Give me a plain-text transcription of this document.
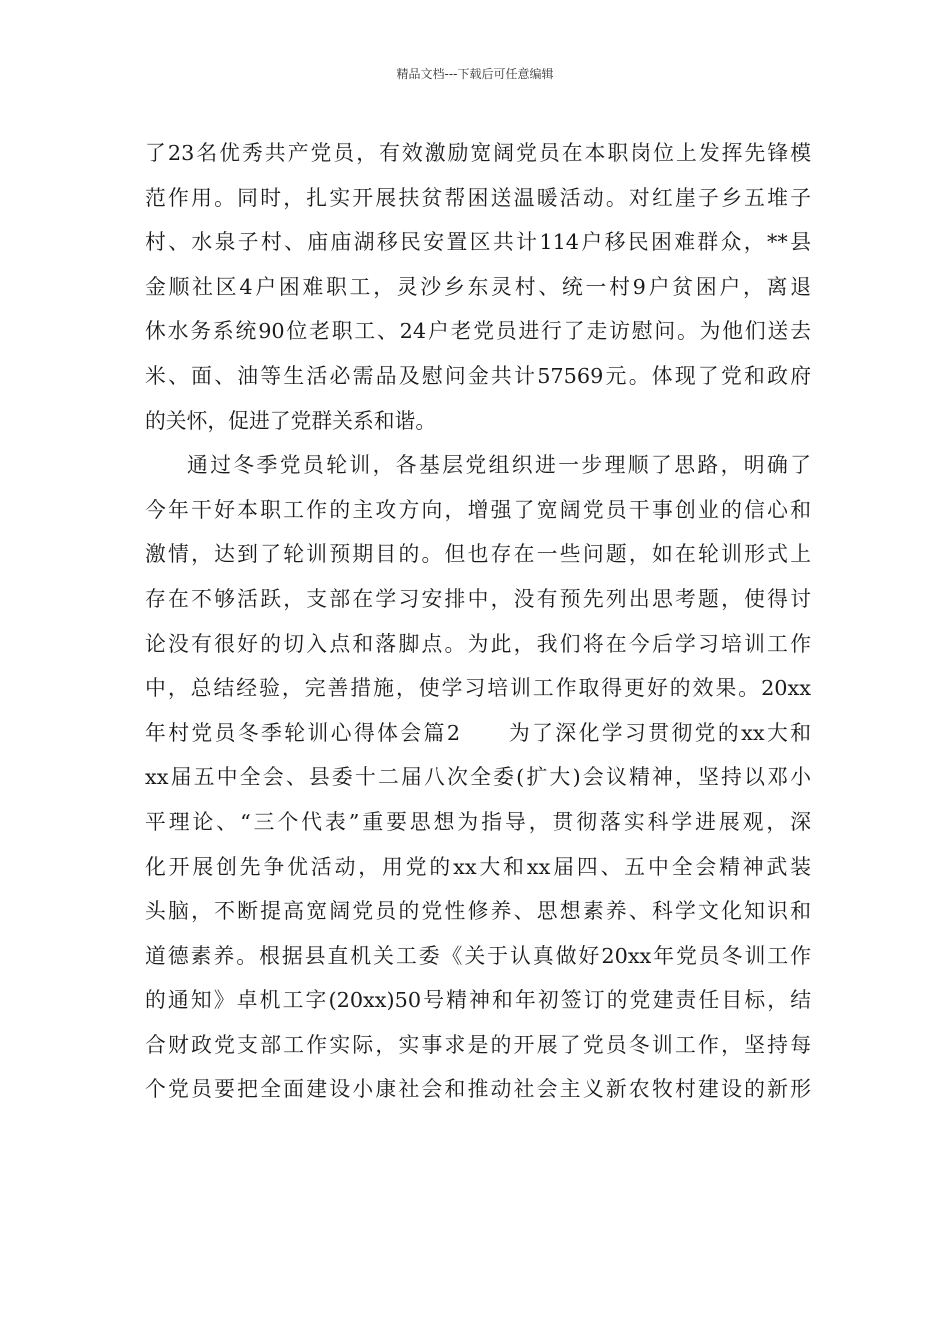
精品文档---下载后可任意编辑
了23名优秀共产党员，有效激励宽阔党员在本职岗位上发挥先锋模
范作用。同时，扎实开展扶贫帮困送温暖活动。对红崖子乡五堆子
村、水泉子村、庙庙湖移民安置区共计114户移民困难群众，**县
金顺社区4户困难职工，灵沙乡东灵村、统一村9户贫困户，离退
休水务系统90位老职工、24户老党员进行了走访慰问。为他们送去
米、面、油等生活必需品及慰问金共计57569元。体现了党和政府
的关怀，促进了党群关系和谐。
通过冬季党员轮训，各基层党组织进一步理顺了思路，明确了
今年干好本职工作的主攻方向，增强了宽阔党员干事创业的信心和
激情，达到了轮训预期目的。但也存在一些问题，如在轮训形式上
存在不够活跃，支部在学习安排中，没有预先列出思考题，使得讨
论没有很好的切入点和落脚点。为此，我们将在今后学习培训工作
中，总结经验，完善措施，使学习培训工作取得更好的效果。20xx
年村党员冬季轮训心得体会篇2　　为了深化学习贯彻党的xx大和
xx届五中全会、县委十二届八次全委(扩大)会议精神，坚持以邓小
平理论、“三个代表”重要思想为指导，贯彻落实科学进展观，深
化开展创先争优活动，用党的xx大和xx届四、五中全会精神武装
头脑，不断提高宽阔党员的党性修养、思想素养、科学文化知识和
道德素养。根据县直机关工委《关于认真做好20xx年党员冬训工作
的通知》卓机工字(20xx)50号精神和年初签订的党建责任目标，结
合财政党支部工作实际，实事求是的开展了党员冬训工作，坚持每
个党员要把全面建设小康社会和推动社会主义新农牧村建设的新形
